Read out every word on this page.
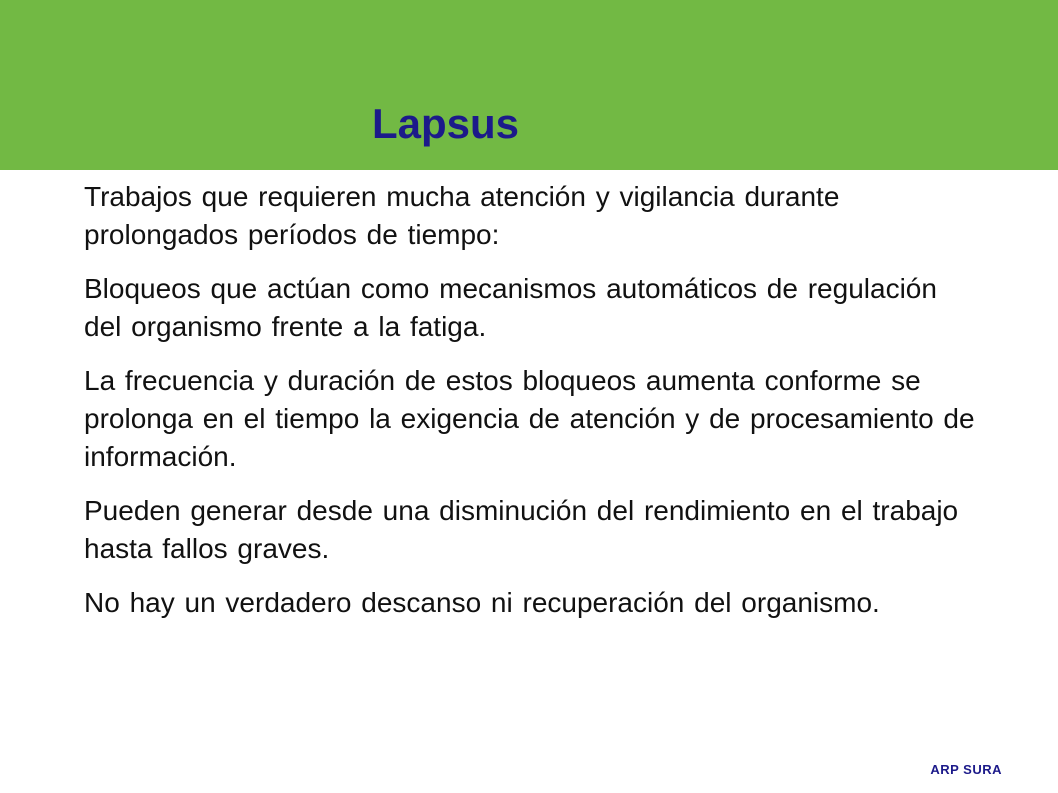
Lapsus

Trabajos que requieren mucha atención y vigilancia durante prolongados períodos de tiempo:

Bloqueos que actúan como mecanismos automáticos de regulación del organismo frente a la fatiga.

La frecuencia y duración de estos bloqueos aumenta conforme se prolonga en el tiempo la exigencia de atención y de procesamiento de información.

Pueden generar desde una disminución del rendimiento en el trabajo hasta fallos graves.

No hay un verdadero descanso ni recuperación del organismo.

ARP SURA
